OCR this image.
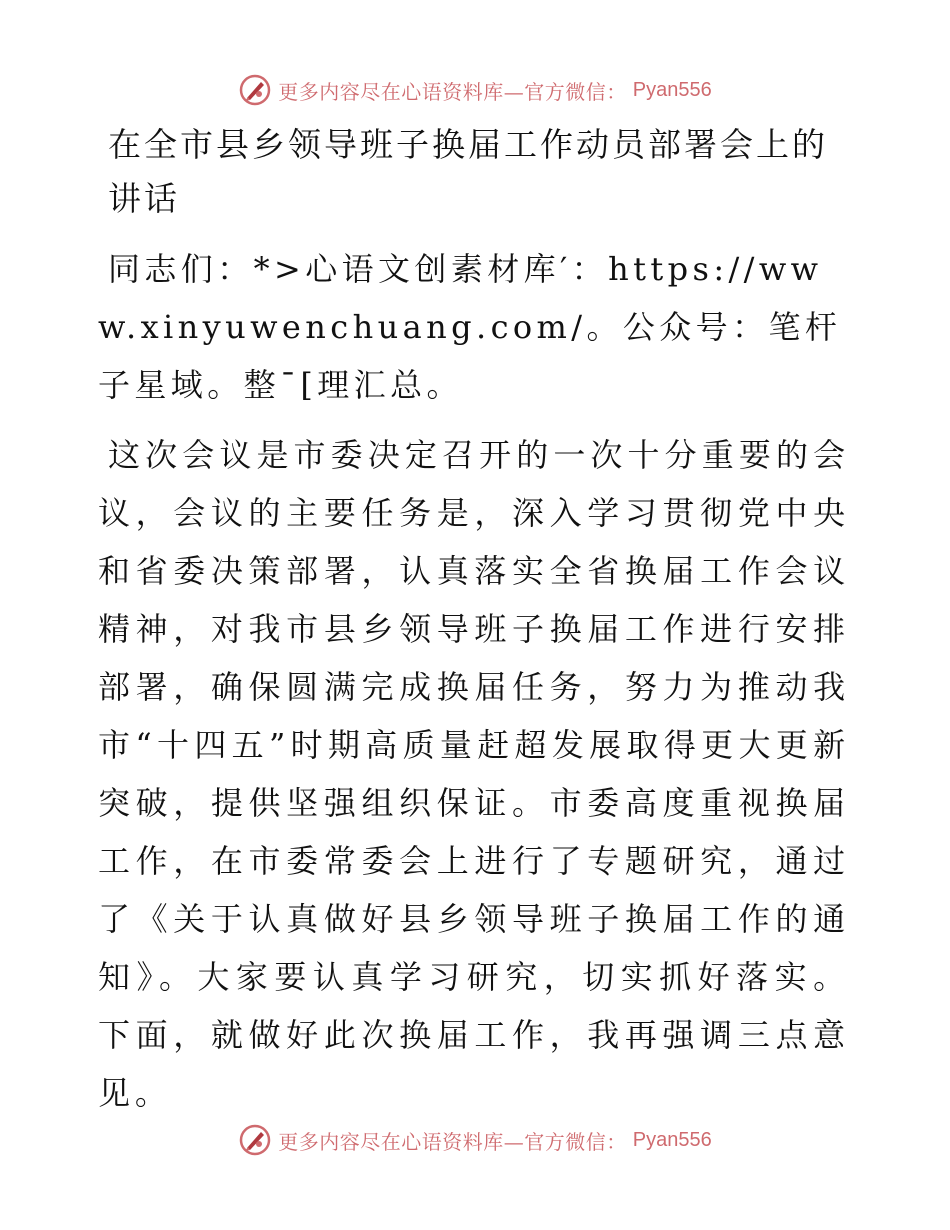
更多内容尽在心语资料库—官方微信： Pyan556
在全市县乡领导班子换届工作动员部署会上的讲话

同志们：*>心语文创素材库′：https://www.xinyuwenchuang.com/。公众号：笔杆子星域。整¯[理汇总。

这次会议是市委决定召开的一次十分重要的会议，会议的主要任务是，深入学习贯彻党中央和省委决策部署，认真落实全省换届工作会议精神，对我市县乡领导班子换届工作进行安排部署，确保圆满完成换届任务，努力为推动我市“十四五”时期高质量赶超发展取得更大更新突破，提供坚强组织保证。市委高度重视换届工作，在市委常委会上进行了专题研究，通过了《关于认真做好县乡领导班子换届工作的通知》。大家要认真学习研究，切实抓好落实。下面，就做好此次换届工作，我再强调三点意见。

更多内容尽在心语资料库—官方微信： Pyan556
